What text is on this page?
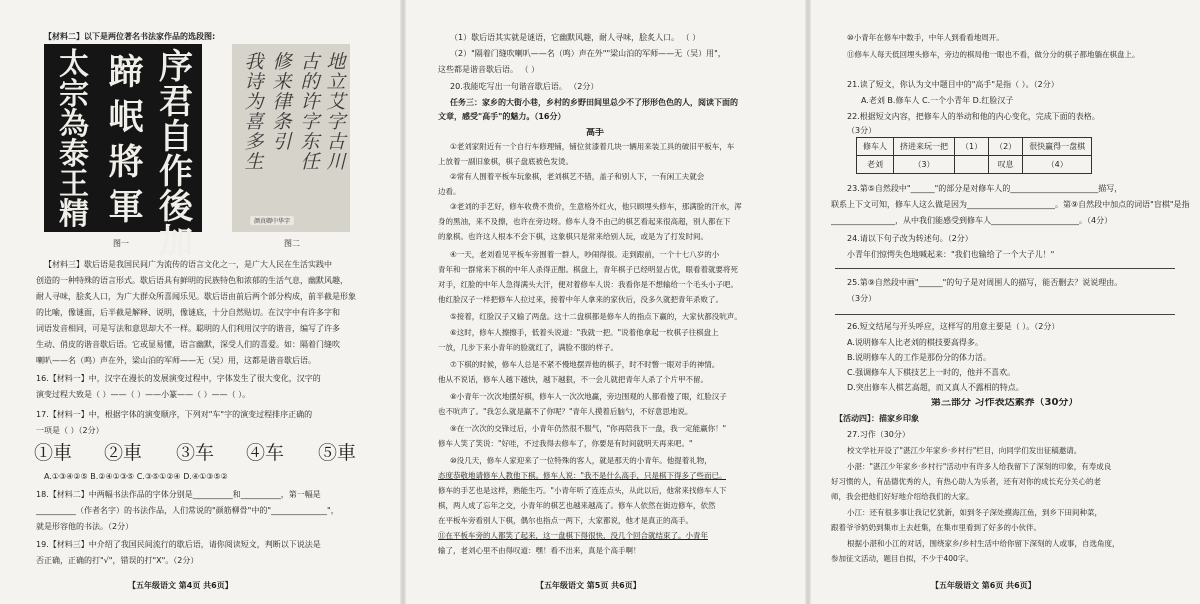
【材料二】以下是两位著名书法家作品的选段图:
序
君
自
作
後
加
蹄
岷
將
軍
太
宗
為
泰
王
精
图一
地
立
艾
字
古
川
古
的
许
字
东
任
修
来
律
条
引
我
诗
为
喜
多
生
颜真卿中华字
图二
【材料三】歇后语是我国民间广为流传的语言文化之一，是广大人民在生活实践中
创造的一种特殊的语言形式。歇后语具有鲜明的民族特色和浓郁的生活气息，幽默风趣，
耐人寻味，脍炙人口，为广大群众所喜闻乐见。歇后语由前后两个部分构成，前半截是形象
的比喻，像谜面，后半截是解释、说明，像谜底，十分自然贴切。在汉字中有许多字和
词语发音相同，可是写法和意思却大不一样。聪明的人们利用汉字的谐音，编写了许多
生动、俏皮的谐音歇后语。它或显易懂，语言幽默，深受人们的喜爱。如：隔着门缝吹
喇叭——名（鸣）声在外，梁山泊的军师——无（吴）用，这都是谐音歇后语。
16.【材料一】中，汉字在漫长的发展演变过程中，字体发生了很大变化，汉字的
演变过程大致是（ ）——（ ）——小篆——（ ）——（ ）。
17.【材料一】中，根据字体的演变顺序，下列对"车"字的演变过程排序正确的
一项是（ ）（2分）
①車 ②車 ③车 ④车 ⑤車
A.①③④②⑤ B.②④①③⑤ C.③⑤①②④ D.④①③⑤②
18.【材料二】中两幅书法作品的字体分别是__________和__________，第一幅是
__________（作者名字）的书法作品，人们常说的"颜筋柳骨"中的"______________"，
就是形容他的书法。（2分）
19.【材料三】中介绍了我国民间流行的歇后语，请你阅读短文，判断以下说法是
否正确，正确的打"√"，错误的打"X"。（2分）
【五年级语文 第4页 共6页】
（1）歇后语其实就是谜语，它幽默风趣，耐人寻味，脍炙人口。 （ ）
（2）"隔着门缝吹喇叭——名（鸣）声在外""梁山泊的军师——无（吴）用"，
这些都是谐音歇后语。 （ ）
20.我能吃写出一句谐音歇后语。 （2分）
任务三：家乡的大街小巷，乡村的乡野田间里总少不了形形色色的人，阅读下面的
文章，感受"高手"的魅力。（16分）
高手
①老刘家附近有一个自行车修理铺，铺位贫漆着几块一辆用来装工具的破旧平板车，车
上放着一副旧象棋，棋子盘底被色发烫。
②常有人围着平板车玩象棋，老刘棋艺不错，盖子和别人下，一有闲工夫就会
边看。
③老刘的手艺好，修车收费不贵价，生意格外红火，他只顾埋头修车，那满脸的汗水，浑
身的黑油，来不及擦，也许在旁边呀。修车人身不由己的棋艺看起来很高超，别人都在下
的象棋。也许这人根本不会下棋，这象棋只是常来给别人玩，或是为了打发时间。
④一天，老刘看见平板车旁围着一群人，吵闹得很。走到跟前，一个十七八岁的小
青年和一群常来下棋的中年人杀得正酣。棋盘上，青年棋子已经明显占优，眼看着就要将死
对手，红脸的中年人急得满头大汗，便对着修车人说：我看你是不想输给一个毛头小子吧。
他红脸汉子一样把修车人拉过来，接着中年人拿来的家伙后，没多久就把青年杀败了。
⑤接着，红脸汉子又输了两盘。这十二盘棋都是修车人的指点下赢的，大家伙都没吭声。
⑥这时，修车人擦擦手，低着头说道："我就一把。"说着他拿起一枚棋子往棋盘上
一放，几步下来小青年的脸就红了，满脸不服的样子。
⑦下棋的时候，修车人总是不紧不慢地摆弄他的棋子，时不时瞥一眼对手的神情。
他从不说话，修车人越下越快，越下越狠，不一会儿就把青年人杀了个片甲不留。
⑧小青年一次次地摆好棋，修车人一次次地赢，旁边围观的人都看傻了眼，红脸汉子
也不吭声了。"我怎么就是赢不了你呢？"青年人摸着后脑勺，不好意思地说。
⑨在一次次的交锋过后，小青年仍然很不服气，"你再陪我下一盘，我一定能赢你！"
修车人笑了笑说："好哇，不过我得去修车了，你要是有时间就明天再来吧。"
⑩没几天，修车人家迎来了一位特殊的客人，就是那天的小青年。他提着礼物，
态度恭敬地请修车人教他下棋。修车人说："我不是什么高手，只是棋下得多了些而已。
修车的手艺也是这样，熟能生巧。"小青年听了连连点头，从此以后，他常来找修车人下
棋，两人成了忘年之交，小青年的棋艺也越来越高了。修车人依然在街边修车，依然
在平板车旁看别人下棋，偶尔也指点一两下，大家都说，他才是真正的高手。
⑪在平板车旁的人都笑了起来，这一盘棋下得很快，没几个回合就结束了。小青年
输了，老刘心里不由得叹道：嘿！看不出来，真是个高手啊！
【五年级语文 第5页 共6页】
⑩小青年在修车中数手，中年人到看看地周开。
⑪修车人每天低回埋头修车，旁边的棋局他一眼也不看，做分分的棋子都地躺在棋盘上。
21.读了短文，你认为文中题目中的"高手"是指（ ）。（2分）
A.老刘 B.修车人 C.一个小青年 D.红脸汉子
22.根据短文内容，把修车人的举动和他的内心变化，完成下面的表格。
（3分）
修车人	挤进来玩一把	（1）	（2）	很快赢得一盘棋
老刘	（3）		叹息	（4）
23.第⑤自然段中"______"的部分是对修车人的______________________描写，
联系上下文可知，修车人这么做是因为______________________。第⑨自然段中加点的词语"盲棋"是指
________________，从中我们能感受到修车人______________________。（4分）
24.请以下句子改为转述句。（2分）
小青年们惊愕失色地喊起来："我们也输给了一个大子儿！"
25.第⑨自然段中画"______"的句子是对周围人的描写，能否删去？说说理由。
（3分）
26.短文结尾与开头呼应，这样写的用意主要是（ ）。（2分）
A.说明修车人比老刘的棋技要高得多。
B.说明修车人的工作是那份分的体力活。
C.强调修车人下棋技艺上一时的，他并不喜欢。
D.突出修车人棋艺高超，而又真人不露相的特点。
第三部分 习作表达素养（30分）
【活动四】：描家乡印象
27.习作（30分）
校文学社开设了"湛江少年家乡·乡村行"栏目，向同学们发出征稿邀请。
小湛："湛江少年家乡·乡村行"活动中有许多人给我留下了深刻的印象，有寿成良
好习惯的人，有品德优秀的人，有热心助人为乐者，还有对你的成长充分关心的老
师，我会把他们好好地介绍给我们的大家。
小江：还有很多事让我记忆犹新，如到冬子深处摸海江鱼，到乡下田间种菜，
跟着爷爷奶奶到集市上去赶集，在集市里看到了好多的小伙伴。
根据小湛和小江的对话，围绕家乡/乡村生活中给你留下深刻的人或事，自选角度，
参加征文活动，题目自拟，不少于400字。
【五年级语文 第6页 共6页】
